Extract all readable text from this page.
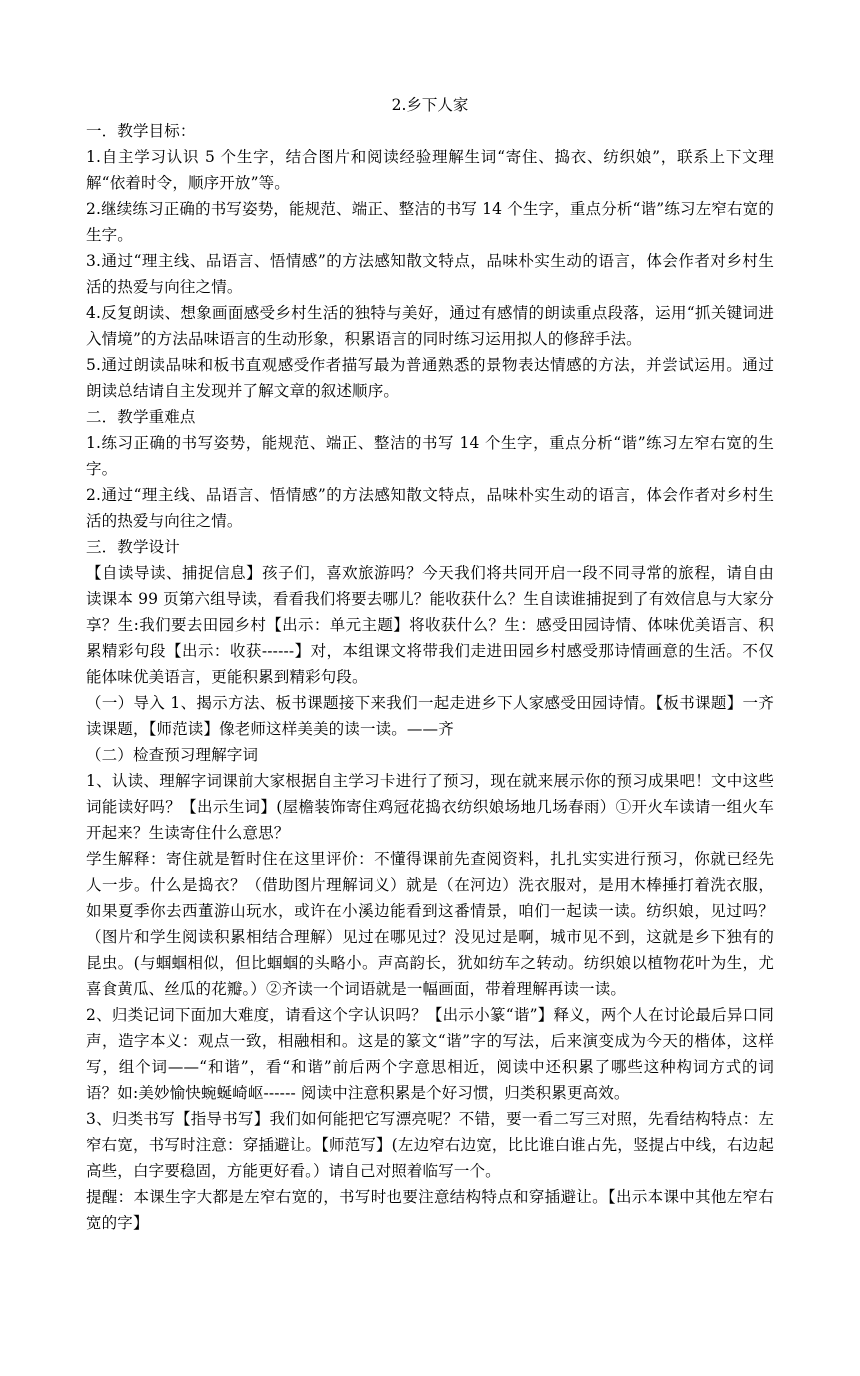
2.乡下人家

一．教学目标：

1.自主学习认识 5 个生字，结合图片和阅读经验理解生词“寄住、捣衣、纺织娘”，联系上下文理解“依着时令，顺序开放”等。

2.继续练习正确的书写姿势，能规范、端正、整洁的书写 14 个生字，重点分析“谐”练习左窄右宽的生字。

3.通过“理主线、品语言、悟情感”的方法感知散文特点，品味朴实生动的语言，体会作者对乡村生活的热爱与向往之情。

4.反复朗读、想象画面感受乡村生活的独特与美好，通过有感情的朗读重点段落，运用“抓关键词进入情境”的方法品味语言的生动形象，积累语言的同时练习运用拟人的修辞手法。

5.通过朗读品味和板书直观感受作者描写最为普通熟悉的景物表达情感的方法，并尝试运用。通过朗读总结请自主发现并了解文章的叙述顺序。

二．教学重难点

1.练习正确的书写姿势，能规范、端正、整洁的书写 14 个生字，重点分析“谐”练习左窄右宽的生字。

2.通过“理主线、品语言、悟情感”的方法感知散文特点，品味朴实生动的语言，体会作者对乡村生活的热爱与向往之情。

三．教学设计

【自读导读、捕捉信息】孩子们，喜欢旅游吗？今天我们将共同开启一段不同寻常的旅程，请自由读课本 99 页第六组导读，看看我们将要去哪儿？能收获什么？生自读谁捕捉到了有效信息与大家分享？生:我们要去田园乡村【出示：单元主题】将收获什么？生：感受田园诗情、体味优美语言、积累精彩句段【出示：收获------】对，本组课文将带我们走进田园乡村感受那诗情画意的生活。不仅能体味优美语言，更能积累到精彩句段。

（一）导入 1、揭示方法、板书课题接下来我们一起走进乡下人家感受田园诗情。【板书课题】一齐读课题，【师范读】像老师这样美美的读一读。——齐

（二）检查预习理解字词

1、认读、理解字词课前大家根据自主学习卡进行了预习，现在就来展示你的预习成果吧！文中这些词能读好吗？【出示生词】(屋檐装饰寄住鸡冠花捣衣纺织娘场地几场春雨）①开火车读请一组火车开起来？生读寄住什么意思？

学生解释：寄住就是暂时住在这里评价：不懂得课前先查阅资料，扎扎实实进行预习，你就已经先人一步。什么是捣衣？（借助图片理解词义）就是（在河边）洗衣服对，是用木棒捶打着洗衣服，如果夏季你去西董游山玩水，或许在小溪边能看到这番情景，咱们一起读一读。纺织娘，见过吗？（图片和学生阅读积累相结合理解）见过在哪见过？没见过是啊，城市见不到，这就是乡下独有的昆虫。(与蝈蝈相似，但比蝈蝈的头略小。声高韵长，犹如纺车之转动。纺织娘以植物花叶为生，尤喜食黄瓜、丝瓜的花瓣。）②齐读一个词语就是一幅画面，带着理解再读一读。

2、归类记词下面加大难度，请看这个字认识吗？【出示小篆“谐”】释义，两个人在讨论最后异口同声，造字本义：观点一致，相融相和。这是的篆文“谐”字的写法，后来演变成为今天的楷体，这样写，组个词——“和谐”，看“和谐”前后两个字意思相近，阅读中还积累了哪些这种构词方式的词语？如:美妙愉快蜿蜒崎岖------ 阅读中注意积累是个好习惯，归类积累更高效。

3、归类书写【指导书写】我们如何能把它写漂亮呢？不错，要一看二写三对照，先看结构特点：左窄右宽，书写时注意：穿插避让。【师范写】(左边窄右边宽，比比谁白谁占先，竖提占中线，右边起高些，白字要稳固，方能更好看。）请自己对照着临写一个。

提醒：本课生字大都是左窄右宽的，书写时也要注意结构特点和穿插避让。【出示本课中其他左窄右宽的字】
